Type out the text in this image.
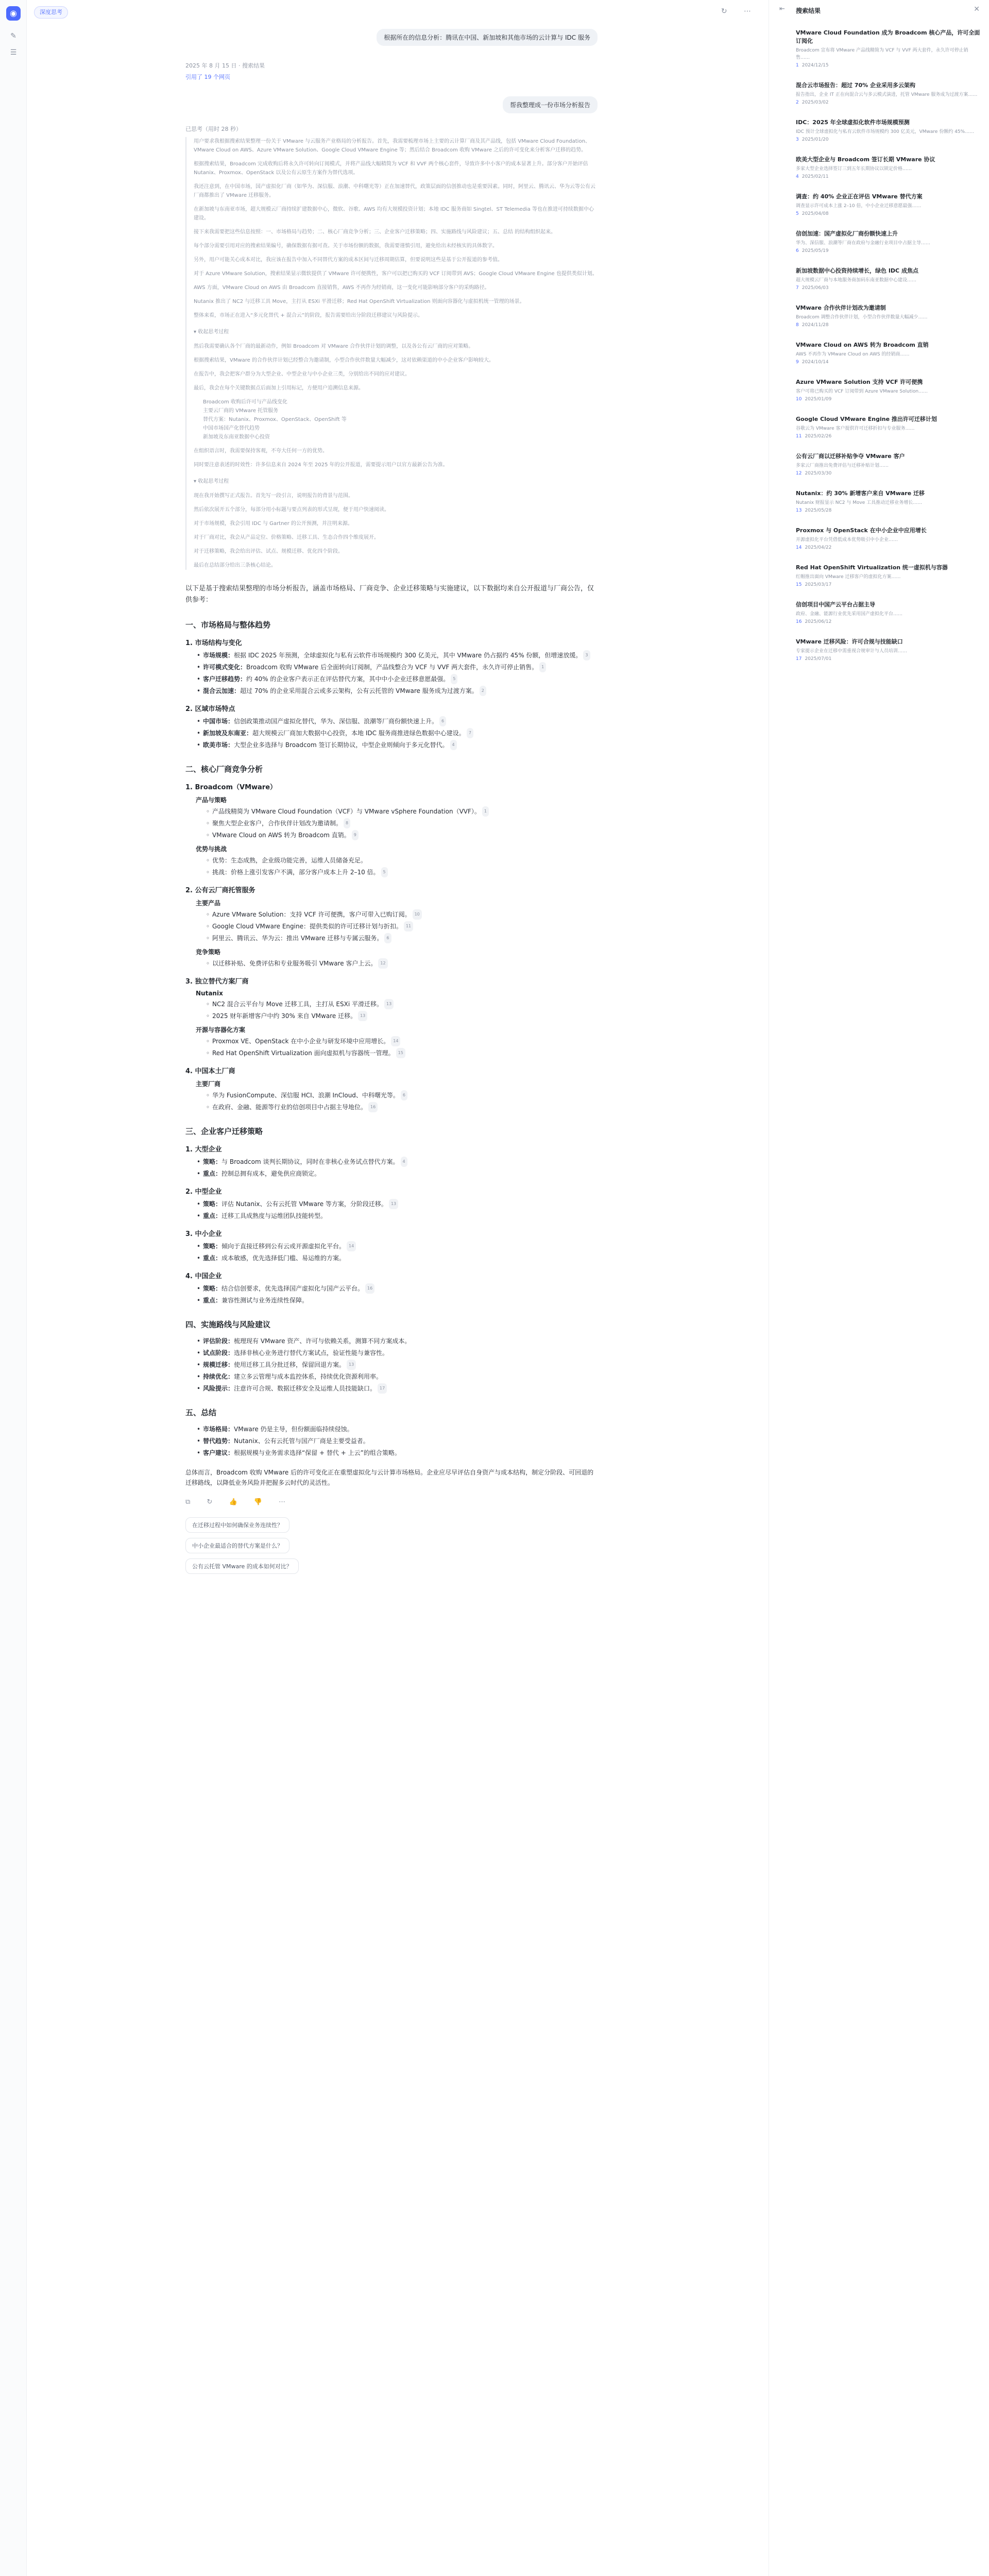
◉
✎
☰
深度思考	↻ ⋯
根据所在的信息分析：腾讯在中国、新加坡和其他市场的云计算与 IDC 服务
2025 年 8 月 15 日 · 搜索结果
引用了 19 个网页
帮我整理成一份市场分析报告
已思考（用时 28 秒）

用户要求我根据搜索结果整理一份关于 VMware 与云服务产业格局的分析报告。首先，我需要梳理市场上主要的云计算厂商及其产品线，包括 VMware Cloud Foundation、VMware Cloud on AWS、Azure VMware Solution、Google Cloud VMware Engine 等；然后结合 Broadcom 收购 VMware 之后的许可变化来分析客户迁移的趋势。

根据搜索结果，Broadcom 完成收购后将永久许可转向订阅模式，并将产品线大幅精简为 VCF 和 VVF 两个核心套件，导致许多中小客户的成本显著上升。部分客户开始评估 Nutanix、Proxmox、OpenStack 以及公有云原生方案作为替代选项。

我还注意到，在中国市场，国产虚拟化厂商（如华为、深信服、浪潮、中科曙光等）正在加速替代，政策层面的信创推动也是重要因素。同时，阿里云、腾讯云、华为云等公有云厂商都推出了 VMware 迁移服务。

在新加坡与东南亚市场，超大规模云厂商持续扩建数据中心，微软、谷歌、AWS 均有大规模投资计划；本地 IDC 服务商如 Singtel、ST Telemedia 等也在推进可持续数据中心建设。

接下来我需要把这些信息按照：一、市场格局与趋势；二、核心厂商竞争分析；三、企业客户迁移策略；四、实施路线与风险建议；五、总结 的结构组织起来。

每个部分需要引用对应的搜索结果编号，确保数据有据可查。关于市场份额的数据，我需要谨慎引用，避免给出未经核实的具体数字。

另外，用户可能关心成本对比，我应该在报告中加入不同替代方案的成本区间与迁移周期估算，但要说明这些是基于公开报道的参考值。

对于 Azure VMware Solution，搜索结果显示微软提供了 VMware 许可便携性，客户可以把已购买的 VCF 订阅带到 AVS；Google Cloud VMware Engine 也提供类似计划。

AWS 方面，VMware Cloud on AWS 由 Broadcom 直接销售，AWS 不再作为经销商，这一变化可能影响部分客户的采购路径。

Nutanix 推出了 NC2 与迁移工具 Move，主打从 ESXi 平滑迁移；Red Hat OpenShift Virtualization 则面向容器化与虚拟机统一管理的场景。

整体来看，市场正在进入“多元化替代 + 混合云”的阶段，报告需要给出分阶段迁移建议与风险提示。

▾ 收起思考过程

然后我需要确认各个厂商的最新动作，例如 Broadcom 对 VMware 合作伙伴计划的调整，以及各公有云厂商的应对策略。

根据搜索结果，VMware 的合作伙伴计划已经整合为邀请制，小型合作伙伴数量大幅减少，这对依赖渠道的中小企业客户影响较大。

在报告中，我会把客户群分为大型企业、中型企业与中小企业三类，分别给出不同的应对建议。

最后，我会在每个关键数据点后面加上引用标记，方便用户追溯信息来源。

Broadcom 收购后许可与产品线变化
主要云厂商的 VMware 托管服务
替代方案：Nutanix、Proxmox、OpenStack、OpenShift 等
中国市场国产化替代趋势
新加坡及东南亚数据中心投资

在组织语言时，我需要保持客观，不夸大任何一方的优势。

同时要注意表述的时效性：许多信息来自 2024 年至 2025 年的公开报道，需要提示用户以官方最新公告为准。

▾ 收起思考过程

现在我开始撰写正式报告。首先写一段引言，说明报告的背景与范围。

然后依次展开五个部分，每部分用小标题与要点列表的形式呈现，便于用户快速阅读。

对于市场规模，我会引用 IDC 与 Gartner 的公开预测，并注明来源。

对于厂商对比，我会从产品定位、价格策略、迁移工具、生态合作四个维度展开。

对于迁移策略，我会给出评估、试点、规模迁移、优化四个阶段。

最后在总结部分给出三条核心结论。

以下是基于搜索结果整理的市场分析报告，涵盖市场格局、厂商竞争、企业迁移策略与实施建议，以下数据均来自公开报道与厂商公告，仅供参考：
一、市场格局与整体趋势
1. 市场结构与变化
• 市场规模：根据 IDC 2025 年预测，全球虚拟化与私有云软件市场规模约 300 亿美元，其中 VMware 仍占据约 45% 份额，但增速放缓。 3
• 许可模式变化：Broadcom 收购 VMware 后全面转向订阅制，产品线整合为 VCF 与 VVF 两大套件，永久许可停止销售。 1
• 客户迁移趋势：约 40% 的企业客户表示正在评估替代方案，其中中小企业迁移意愿最强。 5
• 混合云加速：超过 70% 的企业采用混合云或多云架构，公有云托管的 VMware 服务成为过渡方案。 2
2. 区域市场特点
• 中国市场：信创政策推动国产虚拟化替代，华为、深信服、浪潮等厂商份额快速上升。 6
• 新加坡及东南亚：超大规模云厂商加大数据中心投资，本地 IDC 服务商推进绿色数据中心建设。 7
• 欧美市场：大型企业多选择与 Broadcom 签订长期协议，中型企业则倾向于多元化替代。 4
二、核心厂商竞争分析
1. Broadcom（VMware）
产品与策略
◦ 产品线精简为 VMware Cloud Foundation（VCF）与 VMware vSphere Foundation（VVF）。 1
◦ 聚焦大型企业客户，合作伙伴计划改为邀请制。 8
◦ VMware Cloud on AWS 转为 Broadcom 直销。 9
优势与挑战
◦ 优势：生态成熟，企业级功能完善，运维人员储备充足。
◦ 挑战：价格上涨引发客户不满，部分客户成本上升 2–10 倍。 5
2. 公有云厂商托管服务
主要产品
◦ Azure VMware Solution：支持 VCF 许可便携，客户可带入已购订阅。 10
◦ Google Cloud VMware Engine：提供类似的许可迁移计划与折扣。 11
◦ 阿里云、腾讯云、华为云：推出 VMware 迁移与专属云服务。 6
竞争策略
◦ 以迁移补贴、免费评估和专业服务吸引 VMware 客户上云。 12
3. 独立替代方案厂商
Nutanix
◦ NC2 混合云平台与 Move 迁移工具，主打从 ESXi 平滑迁移。 13
◦ 2025 财年新增客户中约 30% 来自 VMware 迁移。 13
开源与容器化方案
◦ Proxmox VE、OpenStack 在中小企业与研发环境中应用增长。 14
◦ Red Hat OpenShift Virtualization 面向虚拟机与容器统一管理。 15
4. 中国本土厂商
主要厂商
◦ 华为 FusionCompute、深信服 HCI、浪潮 InCloud、中科曙光等。 6
◦ 在政府、金融、能源等行业的信创项目中占据主导地位。 16
三、企业客户迁移策略
1. 大型企业
• 策略：与 Broadcom 谈判长期协议，同时在非核心业务试点替代方案。 4
• 重点：控制总拥有成本，避免供应商锁定。
2. 中型企业
• 策略：评估 Nutanix、公有云托管 VMware 等方案，分阶段迁移。 13
• 重点：迁移工具成熟度与运维团队技能转型。
3. 中小企业
• 策略：倾向于直接迁移到公有云或开源虚拟化平台。 14
• 重点：成本敏感，优先选择低门槛、易运维的方案。
4. 中国企业
• 策略：结合信创要求，优先选择国产虚拟化与国产云平台。 16
• 重点：兼容性测试与业务连续性保障。
四、实施路线与风险建议
• 评估阶段：梳理现有 VMware 资产、许可与依赖关系，测算不同方案成本。
• 试点阶段：选择非核心业务进行替代方案试点，验证性能与兼容性。
• 规模迁移：使用迁移工具分批迁移，保留回退方案。 13
• 持续优化：建立多云管理与成本监控体系，持续优化资源利用率。
• 风险提示：注意许可合规、数据迁移安全及运维人员技能缺口。 17
五、总结
• 市场格局：VMware 仍是主导，但份额面临持续侵蚀。
• 替代趋势：Nutanix、公有云托管与国产厂商是主要受益者。
• 客户建议：根据规模与业务需求选择“保留 + 替代 + 上云”的组合策略。
总体而言，Broadcom 收购 VMware 后的许可变化正在重塑虚拟化与云计算市场格局。企业应尽早评估自身资产与成本结构，制定分阶段、可回退的迁移路线，以降低业务风险并把握多云时代的灵活性。
⧉ ↻ 👍 👎 ⋯
在迁移过程中如何确保业务连续性？
中小企业最适合的替代方案是什么？
公有云托管 VMware 的成本如何对比？
⇤ 搜索结果	✕
VMware Cloud Foundation 成为 Broadcom 核心产品，许可全面订阅化
Broadcom 宣布将 VMware 产品线精简为 VCF 与 VVF 两大套件，永久许可停止销售……
1 2024/12/15
混合云市场报告：超过 70% 企业采用多云架构
报告指出，企业 IT 正在向混合云与多云模式演进，托管 VMware 服务成为过渡方案……
2 2025/03/02
IDC：2025 年全球虚拟化软件市场规模预测
IDC 预计全球虚拟化与私有云软件市场规模约 300 亿美元，VMware 份额约 45%……
3 2025/01/20
欧美大型企业与 Broadcom 签订长期 VMware 协议
多家大型企业选择签订三到五年长期协议以锁定价格……
4 2025/02/11
调查：约 40% 企业正在评估 VMware 替代方案
调查显示许可成本上涨 2–10 倍，中小企业迁移意愿最强……
5 2025/04/08
信创加速：国产虚拟化厂商份额快速上升
华为、深信服、浪潮等厂商在政府与金融行业项目中占据主导……
6 2025/05/19
新加坡数据中心投资持续增长，绿色 IDC 成焦点
超大规模云厂商与本地服务商加码东南亚数据中心建设……
7 2025/06/03
VMware 合作伙伴计划改为邀请制
Broadcom 调整合作伙伴计划，小型合作伙伴数量大幅减少……
8 2024/11/28
VMware Cloud on AWS 转为 Broadcom 直销
AWS 不再作为 VMware Cloud on AWS 的经销商……
9 2024/10/14
Azure VMware Solution 支持 VCF 许可便携
客户可将已购买的 VCF 订阅带到 Azure VMware Solution……
10 2025/01/09
Google Cloud VMware Engine 推出许可迁移计划
谷歌云为 VMware 客户提供许可迁移折扣与专业服务……
11 2025/02/26
公有云厂商以迁移补贴争夺 VMware 客户
多家云厂商推出免费评估与迁移补贴计划……
12 2025/03/30
Nutanix：约 30% 新增客户来自 VMware 迁移
Nutanix 财报显示 NC2 与 Move 工具推动迁移业务增长……
13 2025/05/28
Proxmox 与 OpenStack 在中小企业中应用增长
开源虚拟化平台凭借低成本优势吸引中小企业……
14 2025/04/22
Red Hat OpenShift Virtualization 统一虚拟机与容器
红帽推出面向 VMware 迁移客户的虚拟化方案……
15 2025/03/17
信创项目中国产云平台占据主导
政府、金融、能源行业优先采用国产虚拟化平台……
16 2025/06/12
VMware 迁移风险：许可合规与技能缺口
专家提示企业在迁移中需重视合规审计与人员培训……
17 2025/07/01
